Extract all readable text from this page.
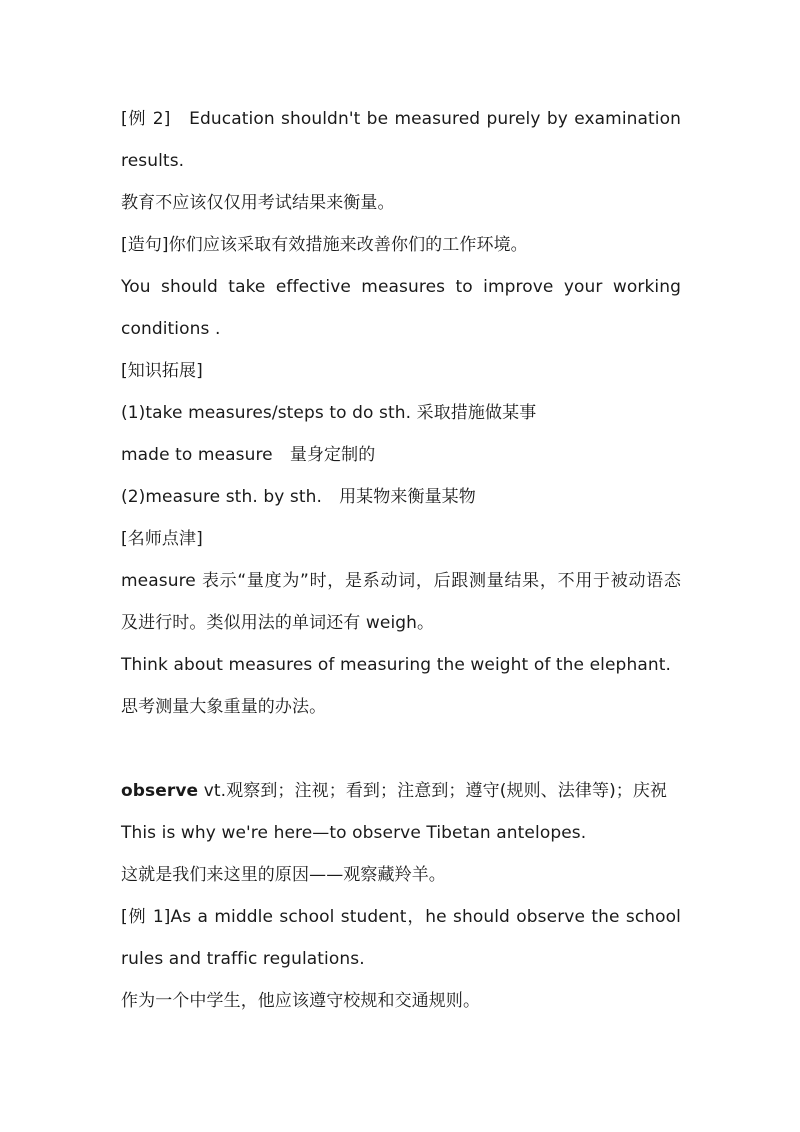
[例 2]　Education shouldn't be measured purely by examination
results.
教育不应该仅仅用考试结果来衡量。
[造句]你们应该采取有效措施来改善你们的工作环境。
You should take effective measures to improve your working
conditions .
[知识拓展]
(1)take measures/steps to do sth. 采取措施做某事
made to measure　量身定制的
(2)measure sth. by sth.　用某物来衡量某物
[名师点津]
measure 表示“量度为”时，是系动词，后跟测量结果，不用于被动语态
及进行时。类似用法的单词还有 weigh。
Think about measures of measuring the weight of the elephant.
思考测量大象重量的办法。
observe vt.观察到；注视；看到；注意到；遵守(规则、法律等)；庆祝
This is why we're here—to observe Tibetan antelopes.
这就是我们来这里的原因——观察藏羚羊。
[例 1]As a middle school student，he should observe the school
rules and traffic regulations.
作为一个中学生，他应该遵守校规和交通规则。
